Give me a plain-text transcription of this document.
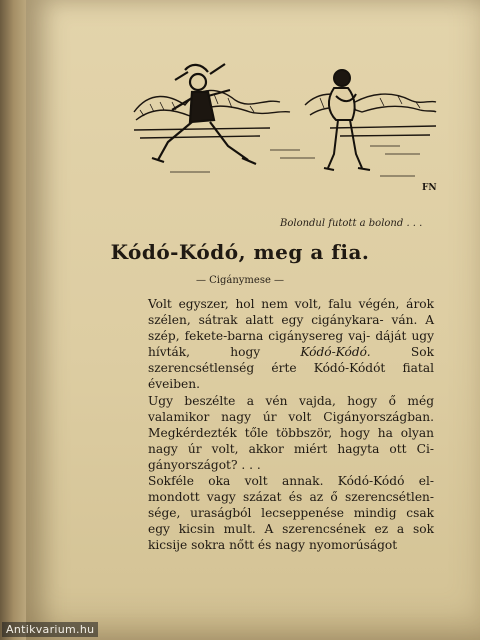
FN
Bolondul futott a bolond . . .
Kódó-Kódó, meg a fia.
— Cigánymese —

Volt egyszer, hol nem volt, falu végén, árok szélen, sátrak alatt egy cigánykara- ván. A szép, fekete-barna cigánysereg vaj- dáját ugy hívták, hogy Kódó-Kódó. Sok szerencsétlenség érte Kódó-Kódót fiatal éveiben.

Ugy beszélte a vén vajda, hogy ő még valamikor nagy úr volt Cigányországban. Megkérdezték tőle többször, hogy ha olyan nagy úr volt, akkor miért hagyta ott Ci- gányországot? . . .

Sokféle oka volt annak. Kódó-Kódó el- mondott vagy százat és az ő szerencsétlen- sége, uraságból lecseppenése mindig csak egy kicsin mult. A szerencsének ez a sok kicsije sokra nőtt és nagy nyomorúságot

Antikvarium.hu
